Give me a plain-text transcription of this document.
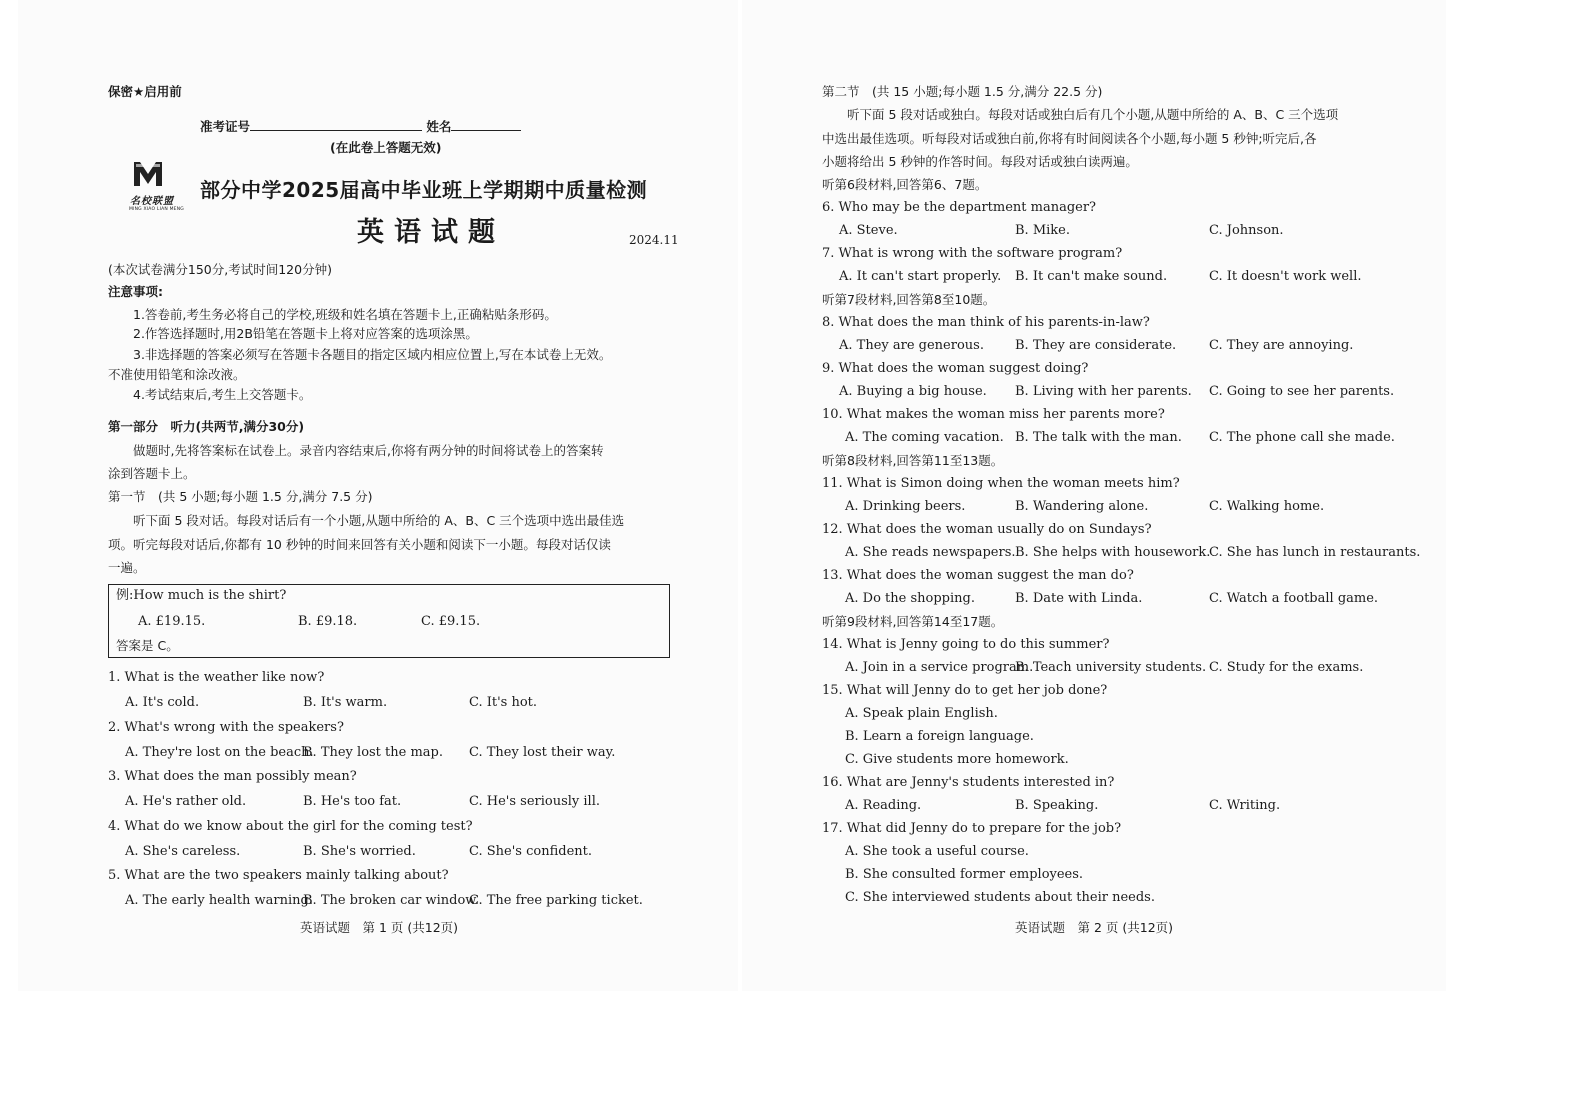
保密★启用前
准考证号	姓名
(在此卷上答题无效)
名校联盟
MING XIAO LIAN MENG
部分中学2025届高中毕业班上学期期中质量检测
英语试题	2024.11
(本次试卷满分150分,考试时间120分钟)
注意事项:
1.答卷前,考生务必将自己的学校,班级和姓名填在答题卡上,正确粘贴条形码。
2.作答选择题时,用2B铅笔在答题卡上将对应答案的选项涂黑。
3.非选择题的答案必须写在答题卡各题目的指定区域内相应位置上,写在本试卷上无效。
不准使用铅笔和涂改液。
4.考试结束后,考生上交答题卡。
第一部分　听力(共两节,满分30分)
做题时,先将答案标在试卷上。录音内容结束后,你将有两分钟的时间将试卷上的答案转
涂到答题卡上。
第一节　(共 5 小题;每小题 1.5 分,满分 7.5 分)
听下面 5 段对话。每段对话后有一个小题,从题中所给的 A、B、C 三个选项中选出最佳选
项。听完每段对话后,你都有 10 秒钟的时间来回答有关小题和阅读下一小题。每段对话仅读
一遍。
例:How much is the shirt?
A. £19.15.	B. £9.18.	C. £9.15.
答案是 C。
1. What is the weather like now?
A. It's cold.	B. It's warm.	C. It's hot.
2. What's wrong with the speakers?
A. They're lost on the beach.
B. They lost the map. C. They lost their way.
3. What does the man possibly mean?
A. He's rather old.	B. He's too fat.	C. He's seriously ill.
4. What do we know about the girl for the coming test?
A. She's careless.	B. She's worried.	C. She's confident.
5. What are the two speakers mainly talking about?
A. The early health warning.
B. The broken car window.
C. The free parking ticket.
英语试题　第 1 页 (共12页)
第二节　(共 15 小题;每小题 1.5 分,满分 22.5 分)
听下面 5 段对话或独白。每段对话或独白后有几个小题,从题中所给的 A、B、C 三个选项
中选出最佳选项。听每段对话或独白前,你将有时间阅读各个小题,每小题 5 秒钟;听完后,各
小题将给出 5 秒钟的作答时间。每段对话或独白读两遍。
听第6段材料,回答第6、7题。
6. Who may be the department manager?
A. Steve.	B. Mike.	C. Johnson.
7. What is wrong with the software program?
A. It can't start properly. B. It can't make sound.	C. It doesn't work well.
听第7段材料,回答第8至10题。
8. What does the man think of his parents-in-law?
A. They are generous. B. They are considerate.	C. They are annoying.
9. What does the woman suggest doing?
A. Buying a big house. B. Living with her parents. C. Going to see her parents.
10. What makes the woman miss her parents more?
A. The coming vacation. B. The talk with the man. C. The phone call she made.
听第8段材料,回答第11至13题。
11. What is Simon doing when the woman meets him?
A. Drinking beers.	B. Wandering alone.	C. Walking home.
12. What does the woman usually do on Sundays?
A. She reads newspapers. B. She helps with housework.
C. She has lunch in restaurants.
13. What does the woman suggest the man do?
A. Do the shopping.	B. Date with Linda.	C. Watch a football game.
听第9段材料,回答第14至17题。
14. What is Jenny going to do this summer?
A. Join in a service program.
B. Teach university students. C. Study for the exams.
15. What will Jenny do to get her job done?
A. Speak plain English.
B. Learn a foreign language.
C. Give students more homework.
16. What are Jenny's students interested in?
A. Reading.	B. Speaking.	C. Writing.
17. What did Jenny do to prepare for the job?
A. She took a useful course.
B. She consulted former employees.
C. She interviewed students about their needs.
英语试题　第 2 页 (共12页)
